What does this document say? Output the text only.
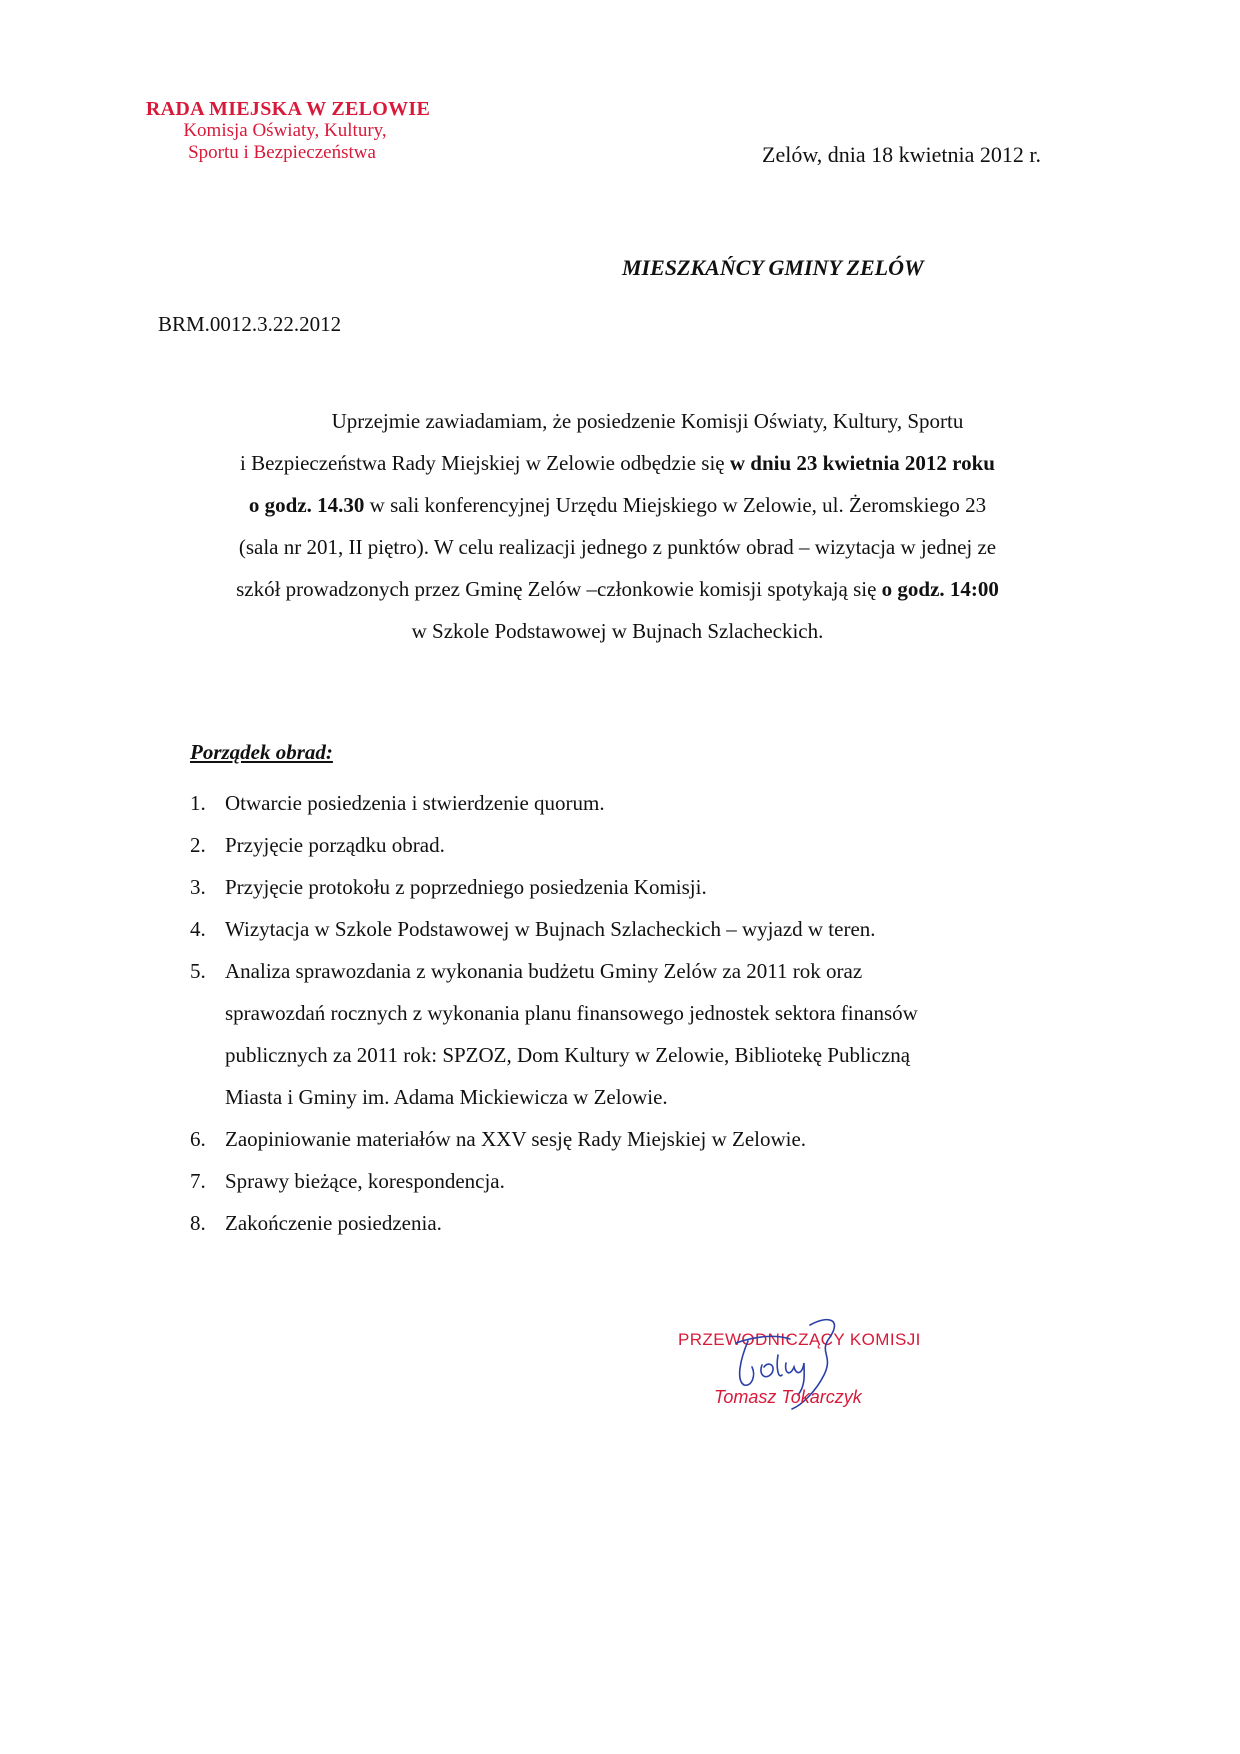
RADA MIEJSKA W ZELOWIE
Komisja Oświaty, Kultury,
Sportu i Bezpieczeństwa	Zelów, dnia 18 kwietnia 2012 r.
MIESZKAŃCY GMINY ZELÓW
BRM.0012.3.22.2012
Uprzejmie zawiadamiam, że posiedzenie Komisji Oświaty, Kultury, Sportu
i Bezpieczeństwa Rady Miejskiej w Zelowie odbędzie się w dniu 23 kwietnia 2012 roku
o godz. 14.30 w sali konferencyjnej Urzędu Miejskiego w Zelowie, ul. Żeromskiego 23
(sala nr 201, II piętro). W celu realizacji jednego z punktów obrad – wizytacja w jednej ze
szkół prowadzonych przez Gminę Zelów –członkowie komisji spotykają się o godz. 14:00
w Szkole Podstawowej w Bujnach Szlacheckich.
Porządek obrad:
1. Otwarcie posiedzenia i stwierdzenie quorum.
2. Przyjęcie porządku obrad.
3. Przyjęcie protokołu z poprzedniego posiedzenia Komisji.
4. Wizytacja w Szkole Podstawowej w Bujnach Szlacheckich – wyjazd w teren.
5. Analiza sprawozdania z wykonania budżetu Gminy Zelów za 2011 rok oraz
sprawozdań rocznych z wykonania planu finansowego jednostek sektora finansów
publicznych za 2011 rok: SPZOZ, Dom Kultury w Zelowie, Bibliotekę Publiczną
Miasta i Gminy im. Adama Mickiewicza w Zelowie.
6. Zaopiniowanie materiałów na XXV sesję Rady Miejskiej w Zelowie.
7. Sprawy bieżące, korespondencja.
8. Zakończenie posiedzenia.
PRZEWODNICZĄCY KOMISJI
Tomasz Tokarczyk
